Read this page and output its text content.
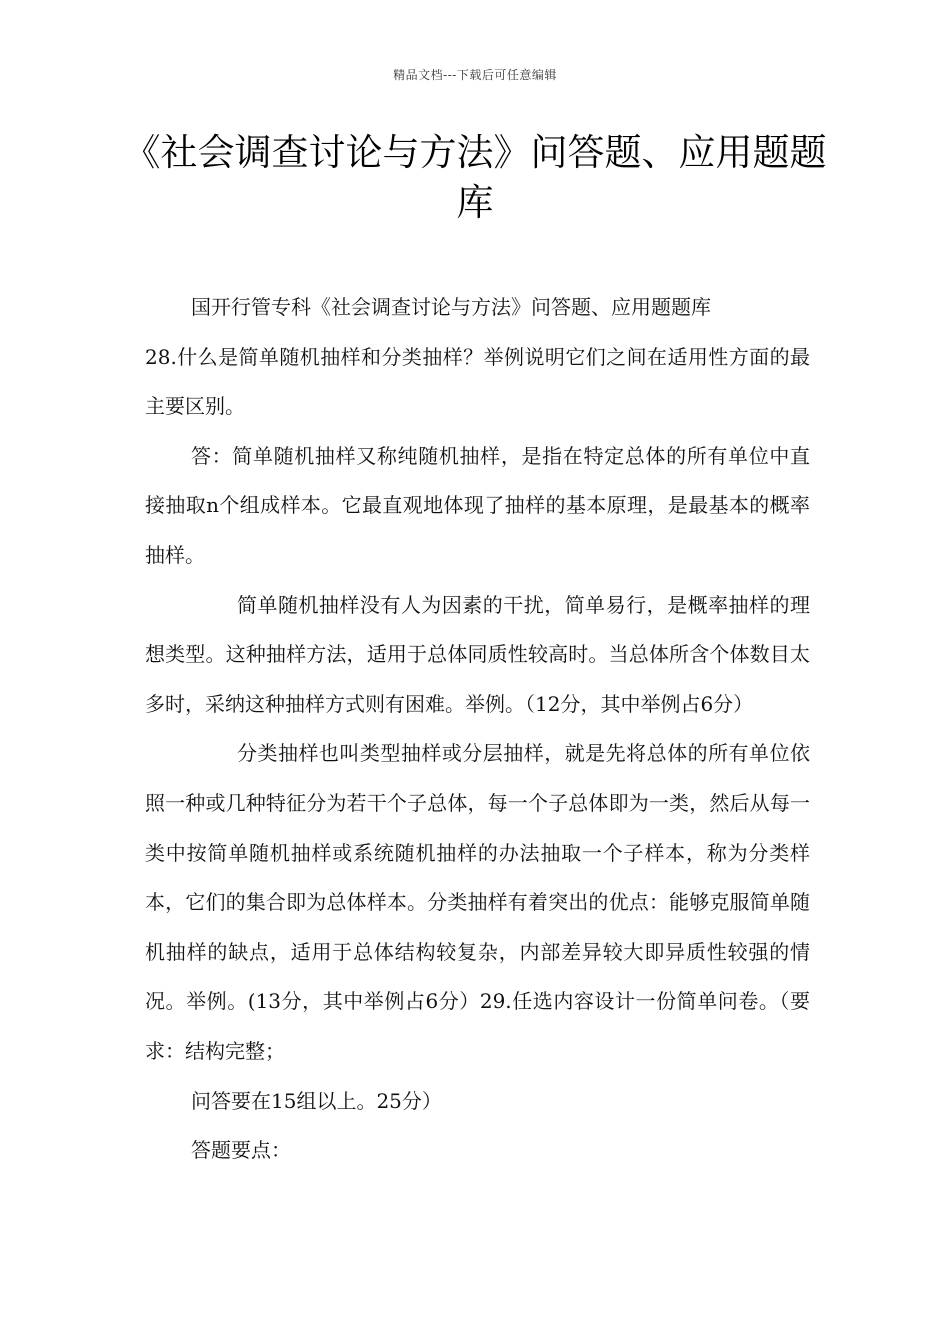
精品文档---下载后可任意编辑
《社会调查讨论与方法》问答题、应用题题库

国开行管专科《社会调查讨论与方法》问答题、应用题题库

28.什么是简单随机抽样和分类抽样？举例说明它们之间在适用性方面的最主要区别。

答：简单随机抽样又称纯随机抽样，是指在特定总体的所有单位中直接抽取n个组成样本。它最直观地体现了抽样的基本原理，是最基本的概率抽样。

简单随机抽样没有人为因素的干扰，简单易行，是概率抽样的理想类型。这种抽样方法，适用于总体同质性较高时。当总体所含个体数目太多时，采纳这种抽样方式则有困难。举例。（12分，其中举例占6分）

分类抽样也叫类型抽样或分层抽样，就是先将总体的所有单位依照一种或几种特征分为若干个子总体，每一个子总体即为一类，然后从每一类中按简单随机抽样或系统随机抽样的办法抽取一个子样本，称为分类样本，它们的集合即为总体样本。分类抽样有着突出的优点：能够克服简单随机抽样的缺点，适用于总体结构较复杂，内部差异较大即异质性较强的情况。举例。(13分，其中举例占6分）29.任选内容设计一份简单问卷。（要求：结构完整；

问答要在15组以上。25分）

答题要点：
